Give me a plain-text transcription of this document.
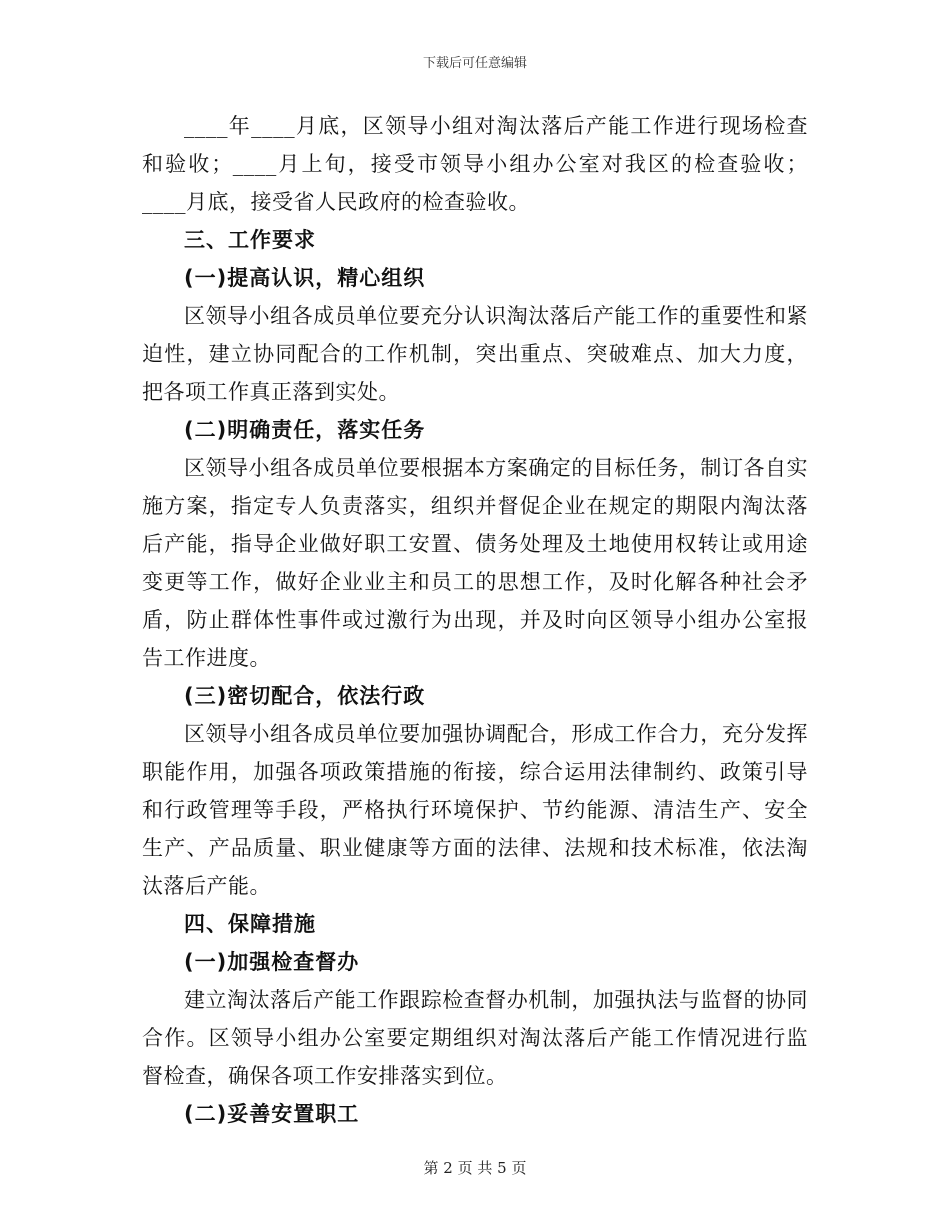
下载后可任意编辑

____年____月底，区领导小组对淘汰落后产能工作进行现场检查和验收；____月上旬，接受市领导小组办公室对我区的检查验收；____月底，接受省人民政府的检查验收。

三、工作要求

(一)提高认识，精心组织

区领导小组各成员单位要充分认识淘汰落后产能工作的重要性和紧迫性，建立协同配合的工作机制，突出重点、突破难点、加大力度，把各项工作真正落到实处。

(二)明确责任，落实任务

区领导小组各成员单位要根据本方案确定的目标任务，制订各自实施方案，指定专人负责落实，组织并督促企业在规定的期限内淘汰落后产能，指导企业做好职工安置、债务处理及土地使用权转让或用途变更等工作，做好企业业主和员工的思想工作，及时化解各种社会矛盾，防止群体性事件或过激行为出现，并及时向区领导小组办公室报告工作进度。

(三)密切配合，依法行政

区领导小组各成员单位要加强协调配合，形成工作合力，充分发挥职能作用，加强各项政策措施的衔接，综合运用法律制约、政策引导和行政管理等手段，严格执行环境保护、节约能源、清洁生产、安全生产、产品质量、职业健康等方面的法律、法规和技术标准，依法淘汰落后产能。

四、保障措施

(一)加强检查督办

建立淘汰落后产能工作跟踪检查督办机制，加强执法与监督的协同合作。区领导小组办公室要定期组织对淘汰落后产能工作情况进行监督检查，确保各项工作安排落实到位。

(二)妥善安置职工

第 2 页 共 5 页
